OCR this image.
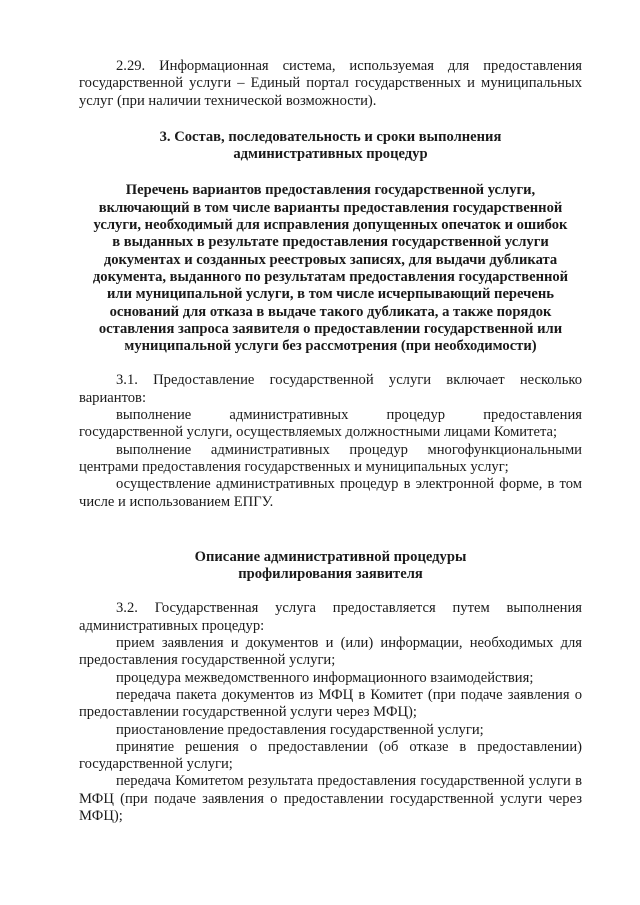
2.29. Информационная система, используемая для предоставления государственной услуги – Единый портал государственных и муниципальных услуг (при наличии технической возможности).

3. Состав, последовательность и сроки выполнения

административных процедур

Перечень вариантов предоставления государственной услуги,

включающий в том числе варианты предоставления государственной

услуги, необходимый для исправления допущенных опечаток и ошибок

в выданных в результате предоставления государственной услуги

документах и созданных реестровых записях, для выдачи дубликата

документа, выданного по результатам предоставления государственной

или муниципальной услуги, в том числе исчерпывающий перечень

оснований для отказа в выдаче такого дубликата, а также порядок

оставления запроса заявителя о предоставлении государственной или

муниципальной услуги без рассмотрения (при необходимости)

3.1. Предоставление государственной услуги включает несколько вариантов:

выполнение административных процедур предоставления государственной услуги, осуществляемых должностными лицами Комитета;

выполнение административных процедур многофункциональными центрами предоставления государственных и муниципальных услуг;

осуществление административных процедур в электронной форме, в том числе и использованием ЕПГУ.

Описание административной процедуры

профилирования заявителя

3.2. Государственная услуга предоставляется путем выполнения административных процедур:

прием заявления и документов и (или) информации, необходимых для предоставления государственной услуги;

процедура межведомственного информационного взаимодействия;

передача пакета документов из МФЦ в Комитет (при подаче заявления о предоставлении государственной услуги через МФЦ);

приостановление предоставления государственной услуги;

принятие решения о предоставлении (об отказе в предоставлении) государственной услуги;

передача Комитетом результата предоставления государственной услуги в МФЦ (при подаче заявления о предоставлении государственной услуги через МФЦ);
